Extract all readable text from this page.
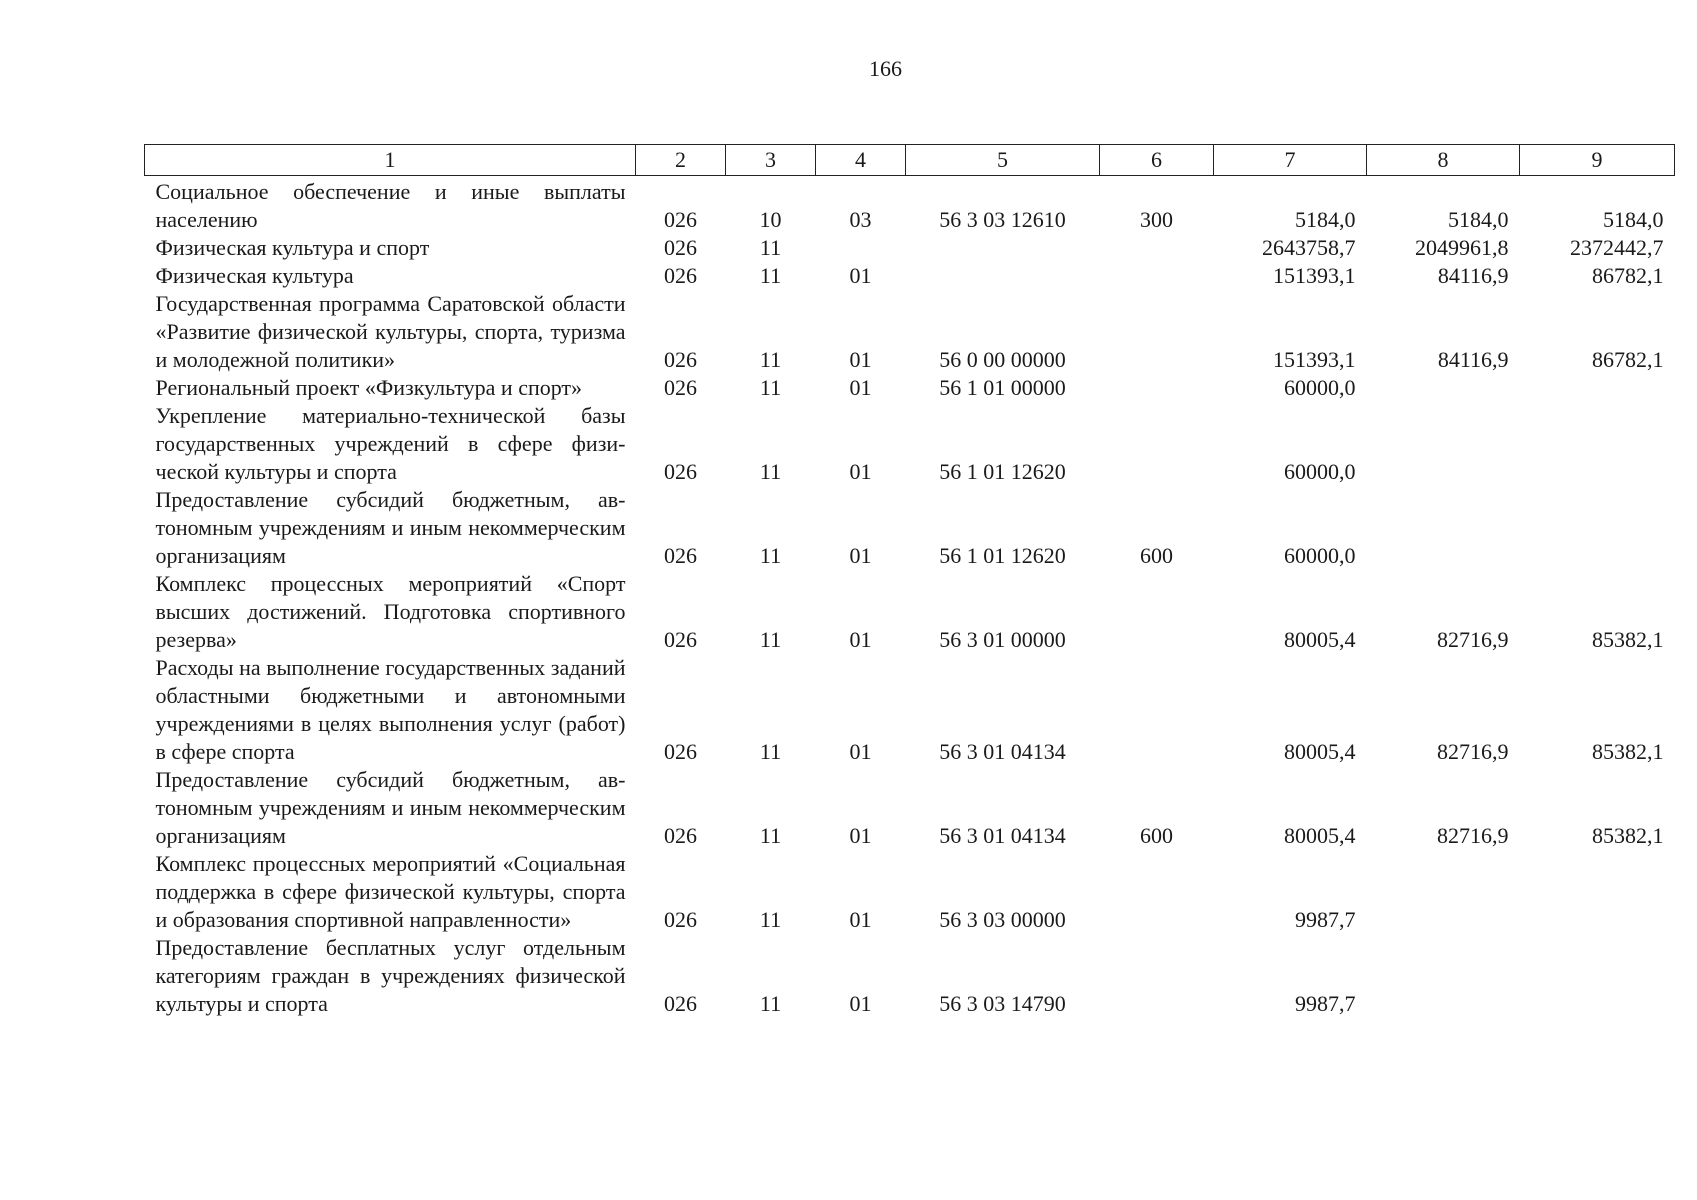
166
1	2	3	4	5	6	7	8	9
Социальное обеспечение и иные выплаты населению	026	10	03	56 3 03 12610	300	5184,0	5184,0	5184,0
Физическая культура и спорт	026	11				2643758,7	2049961,8	2372442,7
Физическая культура	026	11	01			151393,1	84116,9	86782,1
Государственная программа Саратовской области «Развитие физической культуры, спорта, туризма и молодежной политики»	026	11	01	56 0 00 00000		151393,1	84116,9	86782,1
Региональный проект «Физкультура и спорт»	026	11	01	56 1 01 00000		60000,0		
Укрепление материально-технической базы государственных учреждений в сфере физической культуры и спорта	026	11	01	56 1 01 12620		60000,0		
Предоставление субсидий бюджетным, автономным учреждениям и иным некоммерческим организациям	026	11	01	56 1 01 12620	600	60000,0		
Комплекс процессных мероприятий «Спорт высших достижений. Подготовка спортивного резерва»	026	11	01	56 3 01 00000		80005,4	82716,9	85382,1
Расходы на выполнение государственных заданий областными бюджетными и автономными учреждениями в целях выполнения услуг (работ) в сфере спорта	026	11	01	56 3 01 04134		80005,4	82716,9	85382,1
Предоставление субсидий бюджетным, автономным учреждениям и иным некоммерческим организациям	026	11	01	56 3 01 04134	600	80005,4	82716,9	85382,1
Комплекс процессных мероприятий «Социальная поддержка в сфере физической культуры, спорта и образования спортивной направленности»	026	11	01	56 3 03 00000		9987,7		
Предоставление бесплатных услуг отдельным категориям граждан в учреждениях физической культуры и спорта	026	11	01	56 3 03 14790		9987,7		
